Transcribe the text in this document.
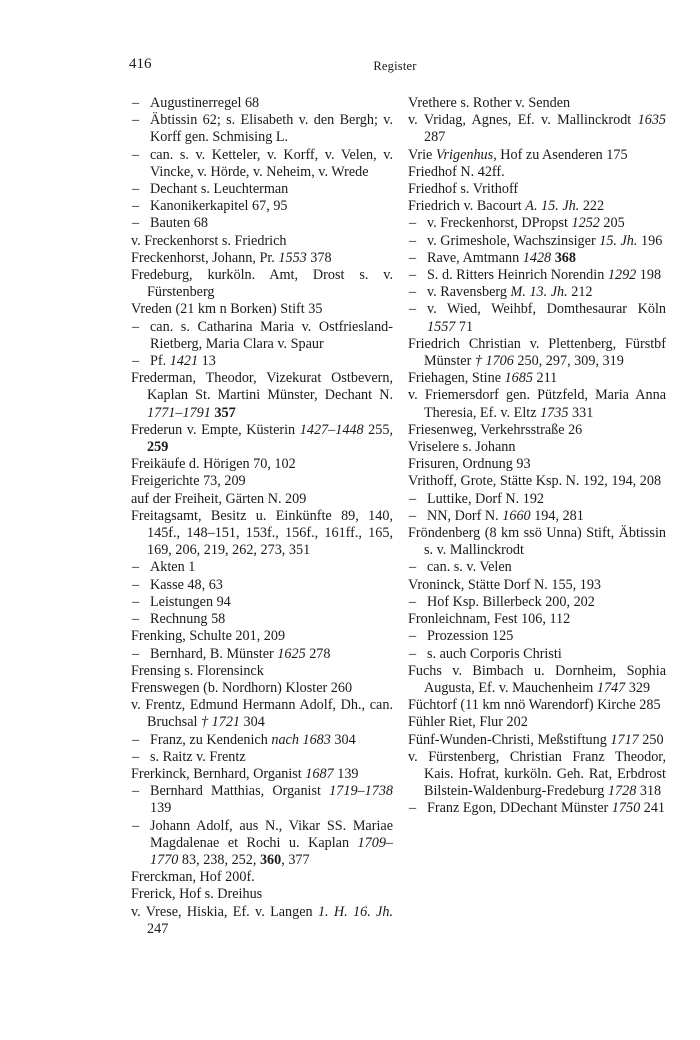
416	Register
– Augustinerregel 68
– Äbtissin 62; s. Elisabeth v. den Bergh; v. Korff gen. Schmising L.
– can. s. v. Ketteler, v. Korff, v. Velen, v. Vincke, v. Hörde, v. Neheim, v. Wrede
– Dechant s. Leuchterman
– Kanonikerkapitel 67, 95
– Bauten 68
v. Freckenhorst s. Friedrich
Freckenhorst, Johann, Pr. 1553 378
Fredeburg, kurköln. Amt, Drost s. v. Fürstenberg
Vreden (21 km n Borken) Stift 35
– can. s. Catharina Maria v. Ostfriesland-Rietberg, Maria Clara v. Spaur
– Pf. 1421 13
Frederman, Theodor, Vizekurat Ostbevern, Kaplan St. Martini Münster, Dechant N. 1771–1791 357
Frederun v. Empte, Küsterin 1427–1448 255, 259
Freikäufe d. Hörigen 70, 102
Freigerichte 73, 209
auf der Freiheit, Gärten N. 209
Freitagsamt, Besitz u. Einkünfte 89, 140, 145f., 148–151, 153f., 156f., 161ff., 165, 169, 206, 219, 262, 273, 351
– Akten 1
– Kasse 48, 63
– Leistungen 94
– Rechnung 58
Frenking, Schulte 201, 209
– Bernhard, B. Münster 1625 278
Frensing s. Florensinck
Frenswegen (b. Nordhorn) Kloster 260
v. Frentz, Edmund Hermann Adolf, Dh., can. Bruchsal † 1721 304
– Franz, zu Kendenich nach 1683 304
– s. Raitz v. Frentz
Frerkinck, Bernhard, Organist 1687 139
– Bernhard Matthias, Organist 1719–1738 139
– Johann Adolf, aus N., Vikar SS. Mariae Magdalenae et Rochi u. Kaplan 1709–1770 83, 238, 252, 360, 377
Frerckman, Hof 200f.
Frerick, Hof s. Dreihus
v. Vrese, Hiskia, Ef. v. Langen 1. H. 16. Jh. 247
Vrethere s. Rother v. Senden
v. Vridag, Agnes, Ef. v. Mallinckrodt 1635 287
Vrie Vrigenhus, Hof zu Asenderen 175
Friedhof N. 42ff.
Friedhof s. Vrithoff
Friedrich v. Bacourt A. 15. Jh. 222
– v. Freckenhorst, DPropst 1252 205
– v. Grimeshole, Wachszinsiger 15. Jh. 196
– Rave, Amtmann 1428 368
– S. d. Ritters Heinrich Norendin 1292 198
– v. Ravensberg M. 13. Jh. 212
– v. Wied, Weihbf, Domthesaurar Köln 1557 71
Friedrich Christian v. Plettenberg, Fürstbf Münster † 1706 250, 297, 309, 319
Friehagen, Stine 1685 211
v. Friemersdorf gen. Pützfeld, Maria Anna Theresia, Ef. v. Eltz 1735 331
Friesenweg, Verkehrsstraße 26
Vriselere s. Johann
Frisuren, Ordnung 93
Vrithoff, Grote, Stätte Ksp. N. 192, 194, 208
– Luttike, Dorf N. 192
– NN, Dorf N. 1660 194, 281
Fröndenberg (8 km ssö Unna) Stift, Äbtissin s. v. Mallinckrodt
– can. s. v. Velen
Vroninck, Stätte Dorf N. 155, 193
– Hof Ksp. Billerbeck 200, 202
Fronleichnam, Fest 106, 112
– Prozession 125
– s. auch Corporis Christi
Fuchs v. Bimbach u. Dornheim, Sophia Augusta, Ef. v. Mauchenheim 1747 329
Füchtorf (11 km nnö Warendorf) Kirche 285
Fühler Riet, Flur 202
Fünf-Wunden-Christi, Meßstiftung 1717 250
v. Fürstenberg, Christian Franz Theodor, Kais. Hofrat, kurköln. Geh. Rat, Erbdrost Bilstein-Waldenburg-Fredeburg 1728 318
– Franz Egon, DDechant Münster 1750 241
